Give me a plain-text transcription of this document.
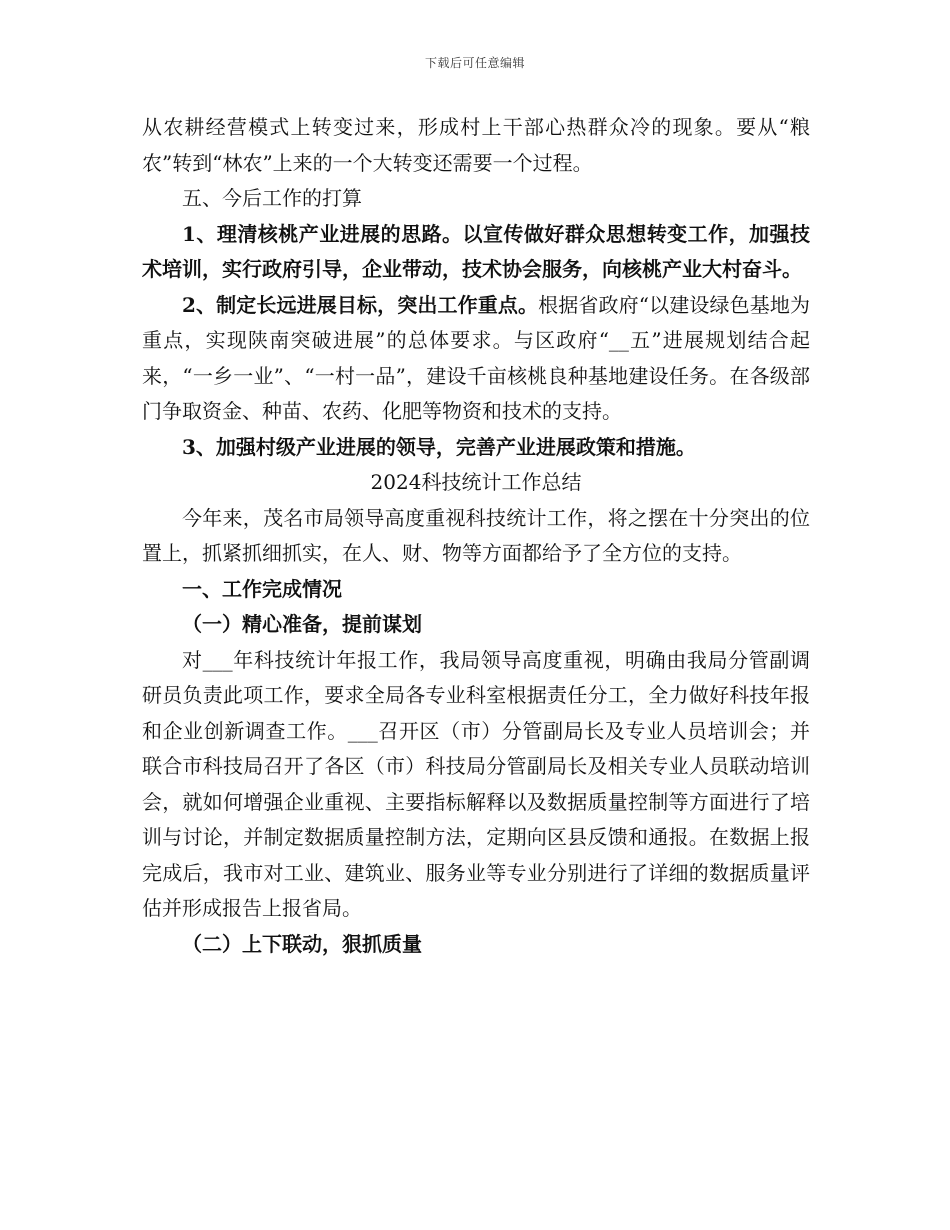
下载后可任意编辑

从农耕经营模式上转变过来，形成村上干部心热群众冷的现象。要从“粮农”转到“林农”上来的一个大转变还需要一个过程。

五、今后工作的打算

1、理清核桃产业进展的思路。以宣传做好群众思想转变工作，加强技术培训，实行政府引导，企业带动，技术协会服务，向核桃产业大村奋斗。

2、制定长远进展目标，突出工作重点。根据省政府“以建设绿色基地为重点，实现陕南突破进展”的总体要求。与区政府“__五”进展规划结合起来，“一乡一业”、“一村一品”，建设千亩核桃良种基地建设任务。在各级部门争取资金、种苗、农药、化肥等物资和技术的支持。

3、加强村级产业进展的领导，完善产业进展政策和措施。

2024科技统计工作总结

今年来，茂名市局领导高度重视科技统计工作，将之摆在十分突出的位置上，抓紧抓细抓实，在人、财、物等方面都给予了全方位的支持。

一、工作完成情况

（一）精心准备，提前谋划

对___年科技统计年报工作，我局领导高度重视，明确由我局分管副调研员负责此项工作，要求全局各专业科室根据责任分工，全力做好科技年报和企业创新调查工作。___召开区（市）分管副局长及专业人员培训会；并联合市科技局召开了各区（市）科技局分管副局长及相关专业人员联动培训会，就如何增强企业重视、主要指标解释以及数据质量控制等方面进行了培训与讨论，并制定数据质量控制方法，定期向区县反馈和通报。在数据上报完成后，我市对工业、建筑业、服务业等专业分别进行了详细的数据质量评估并形成报告上报省局。

（二）上下联动，狠抓质量
